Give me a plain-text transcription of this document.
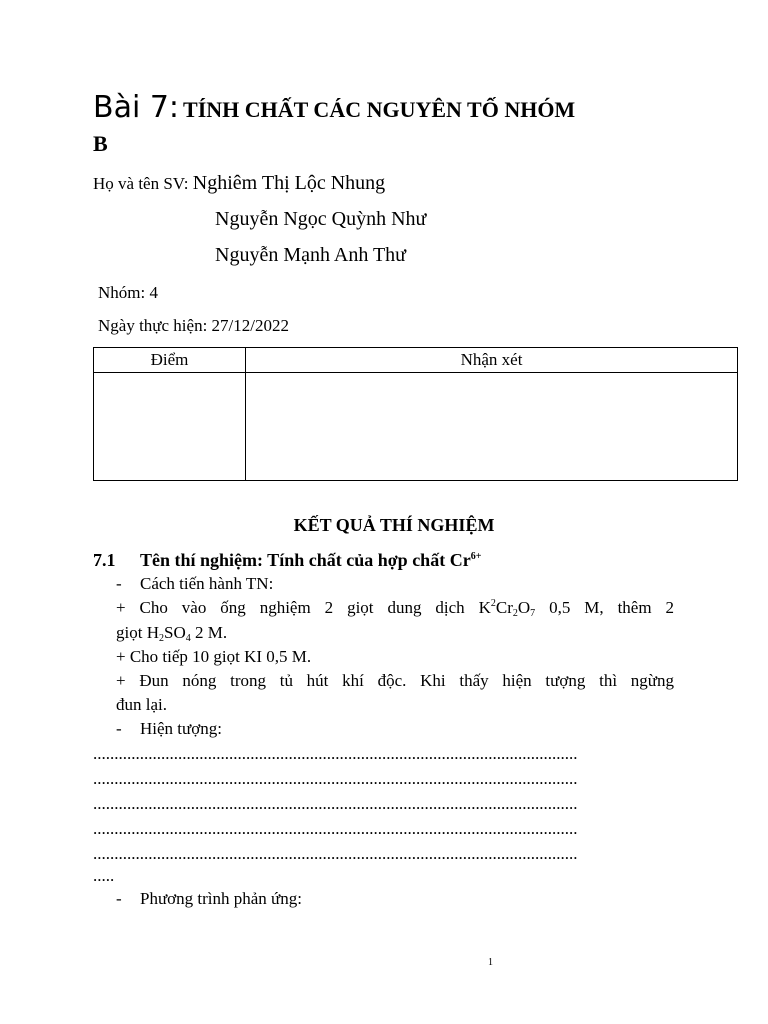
Bài 7: TÍNH CHẤT CÁC NGUYÊN TỐ NHÓM
B
Họ và tên SV: Nghiêm Thị Lộc Nhung
Nguyễn Ngọc Quỳnh Như
Nguyễn Mạnh Anh Thư
Nhóm: 4
Ngày thực hiện: 27/12/2022
Điểm	Nhận xét

KẾT QUẢ THÍ NGHIỆM
7.1 Tên thí nghiệm: Tính chất của hợp chất $Cr^{6+}$
- Cách tiến hành TN:
+ Cho vào ống nghiệm 2 giọt dung dịch $K^2Cr_2O_7$ 0,5 M, thêm 2
giọt $H_2SO_4$ 2 M.
+ Cho tiếp 10 giọt KI 0,5 M.
+ Đun nóng trong tủ hút khí độc. Khi thấy hiện tượng thì ngừng
đun lại.
- Hiện tượng:
..................................................................................................................
..................................................................................................................
..................................................................................................................
..................................................................................................................
..................................................................................................................
.....
- Phương trình phản ứng:
1
